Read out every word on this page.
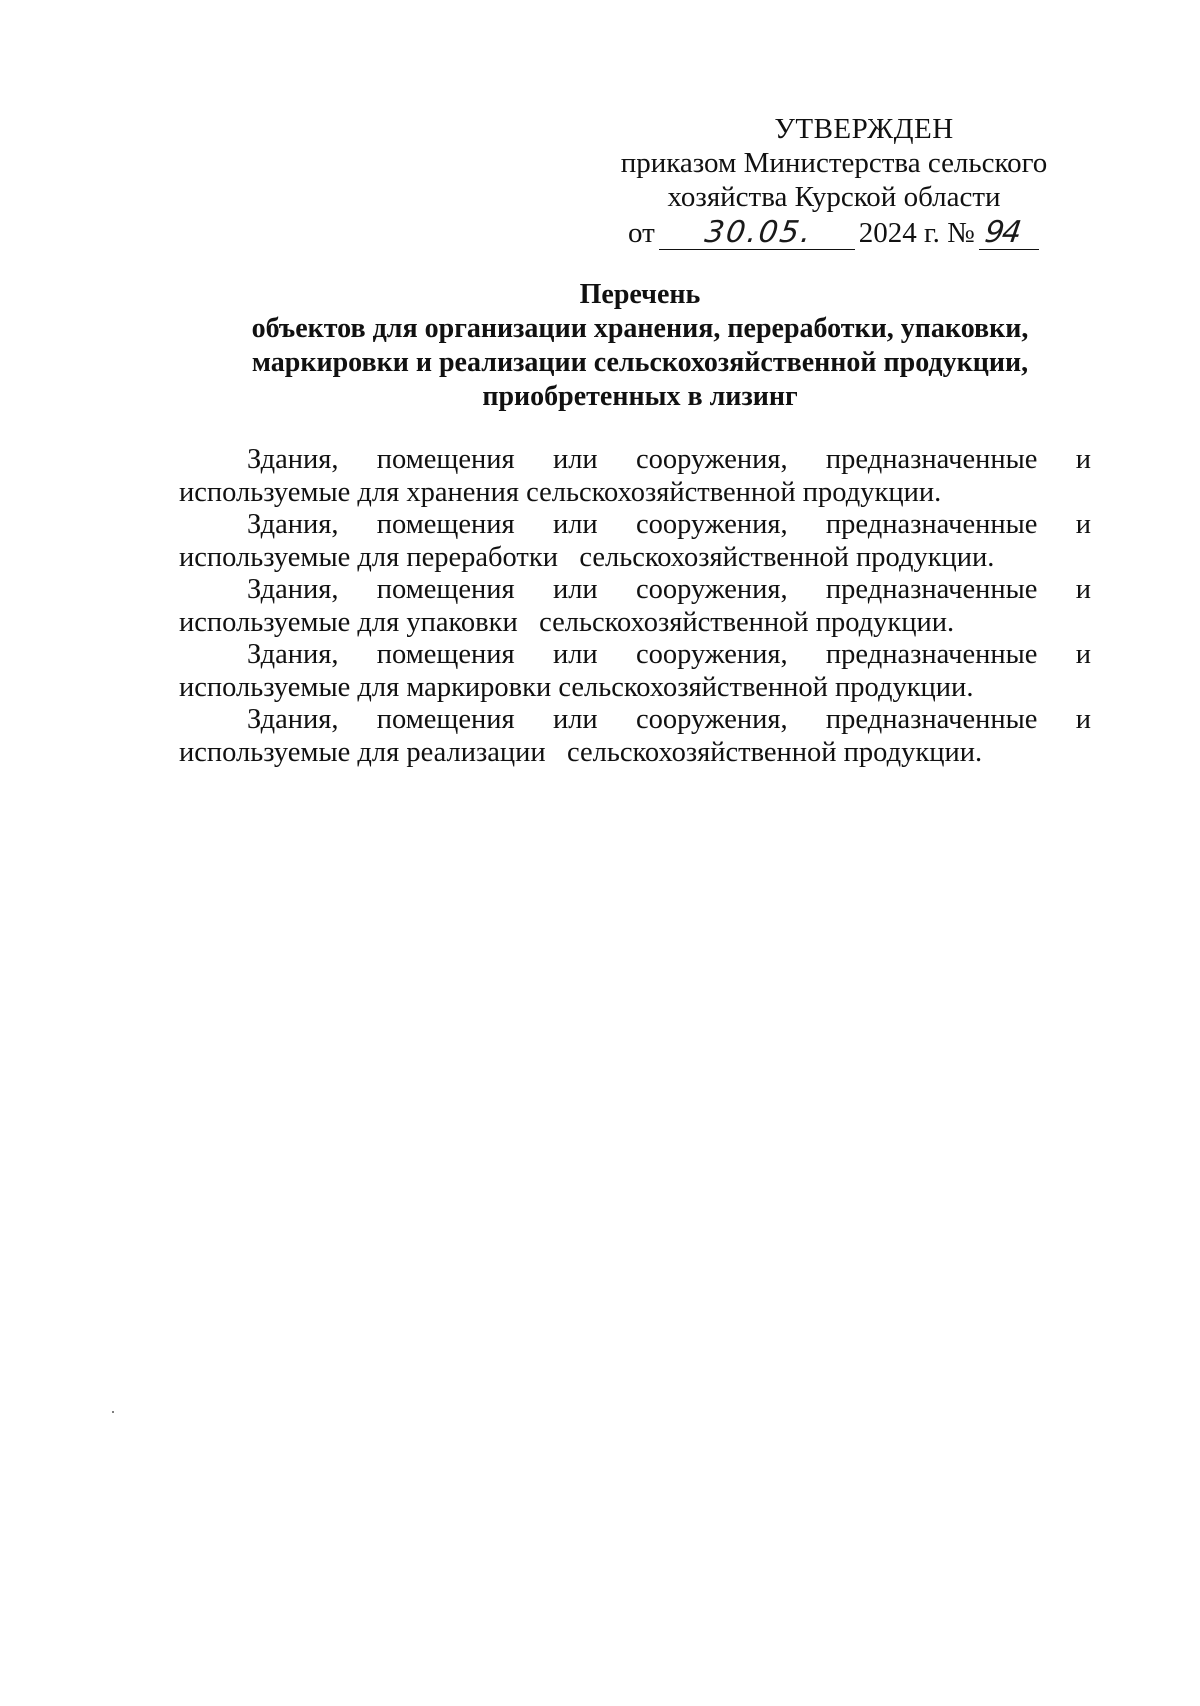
УТВЕРЖДЕН
приказом Министерства сельского
хозяйства Курской области
от 30.05. 2024 г. № 94
Перечень
объектов для организации хранения, переработки, упаковки,
маркировки и реализации сельскохозяйственной продукции,
приобретенных в лизинг
Здания, помещения или сооружения, предназначенные и
используемые для хранения сельскохозяйственной продукции.
Здания, помещения или сооружения, предназначенные и
используемые для переработки   сельскохозяйственной продукции.
Здания, помещения или сооружения, предназначенные и
используемые для упаковки   сельскохозяйственной продукции.
Здания, помещения или сооружения, предназначенные и
используемые для маркировки сельскохозяйственной продукции.
Здания, помещения или сооружения, предназначенные и
используемые для реализации   сельскохозяйственной продукции.
